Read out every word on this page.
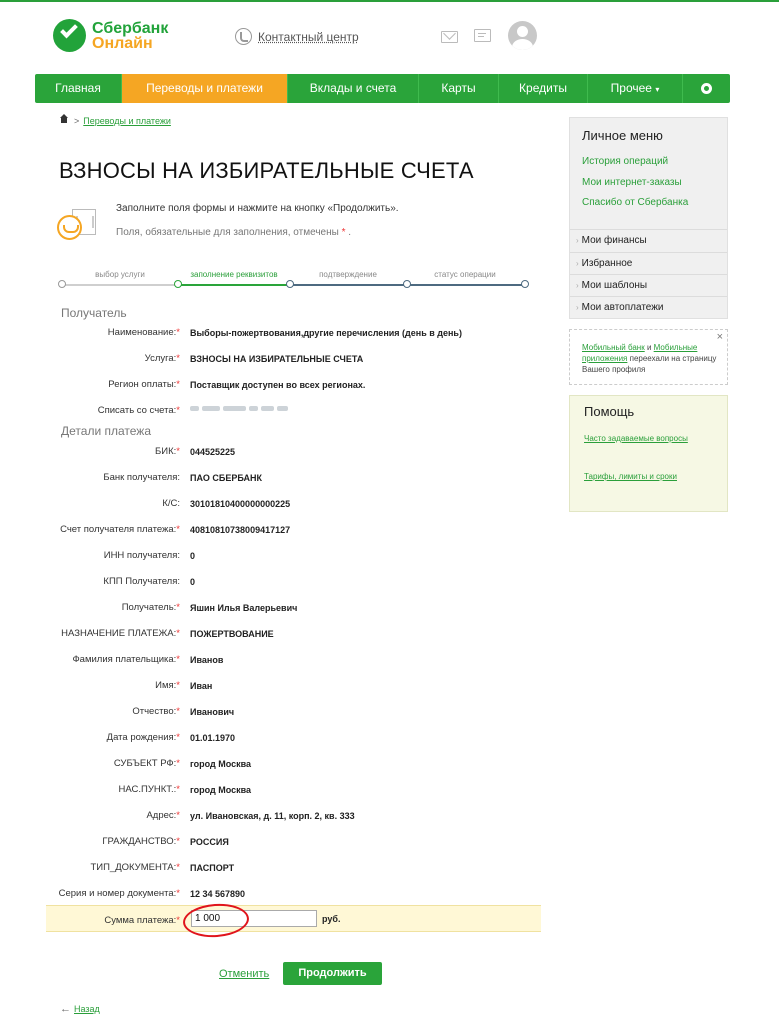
Сбербанк
Онлайн	Контактный центр
Главная	Переводы и платежи	Вклады и счета	Карты	Кредиты	Прочее ▾
> Переводы и платежи
ВЗНОСЫ НА ИЗБИРАТЕЛЬНЫЕ СЧЕТА
Заполните поля формы и нажмите на кнопку «Продолжить».
Поля, обязательные для заполнения, отмечены * .
выбор услуги	заполнение реквизитов	подтверждение	статус операции
Получатель
Детали платежа
Наименование:* Выборы-пожертвования,другие перечисления (день в день)
Услуга:* ВЗНОСЫ НА ИЗБИРАТЕЛЬНЫЕ СЧЕТА
Регион оплаты:* Поставщик доступен во всех регионах.
Списать со счета:*
БИК:* 044525225
Банк получателя: ПАО СБЕРБАНК
К/С: 30101810400000000225
Счет получателя платежа:* 40810810738009417127
ИНН получателя: 0
КПП Получателя: 0
Получатель:* Яшин Илья Валерьевич
НАЗНАЧЕНИЕ ПЛАТЕЖА:* ПОЖЕРТВОВАНИЕ
Фамилия плательщика:* Иванов
Имя:* Иван
Отчество:* Иванович
Дата рождения:* 01.01.1970
СУБЪЕКТ РФ:* город Москва
НАС.ПУНКТ.:* город Москва
Адрес:* ул. Ивановская, д. 11, корп. 2, кв. 333
ГРАЖДАНСТВО:* РОССИЯ
ТИП_ДОКУМЕНТА:* ПАСПОРТ
Серия и номер документа:* 12 34 567890
Сумма платежа:*
1 000	руб.
Отменить	Продолжить
← Назад
Личное меню
История операций
Мои интернет-заказы
Спасибо от Сбербанка
› Мои финансы
› Избранное
› Мои шаблоны
› Мои автоплатежи
×
Мобильный банк и Мобильные приложения переехали на страницу Вашего профиля
Помощь
Часто задаваемые вопросы
Тарифы, лимиты и сроки
